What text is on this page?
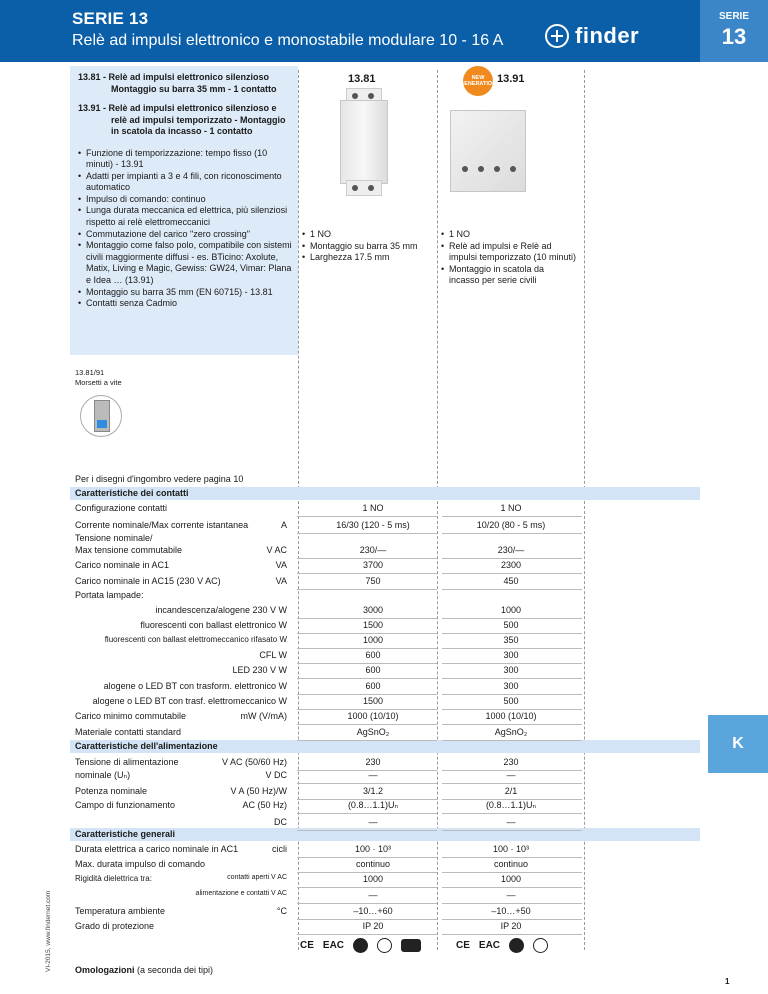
SERIE 13
Relè ad impulsi elettronico e monostabile modulare 10 - 16 A	finder
SERIE
13
13.81 - Relè ad impulsi elettronico silenzioso
Montaggio su barra 35 mm - 1 contatto
13.91 - Relè ad impulsi elettronico silenzioso e
relè ad impulsi temporizzato - Montaggio
in scatola da incasso - 1 contatto
• Funzione di temporizzazione: tempo fisso (10 minuti) - 13.91
• Adatti per impianti a 3 e 4 fili, con riconoscimento automatico
• Impulso di comando: continuo
• Lunga durata meccanica ed elettrica, più silenziosi rispetto ai relè elettromeccanici
• Commutazione del carico "zero crossing"
• Montaggio come falso polo, compatibile con sistemi civili maggiormente diffusi - es. BTicino: Axolute, Matix, Living e Magic, Gewiss: GW24, Vimar: Plana e Idea … (13.91)
• Montaggio su barra 35 mm (EN 60715) - 13.81
• Contatti senza Cadmio
13.81	NEW GENERATION 13.91
• 1 NO
• Montaggio su barra 35 mm
• Larghezza 17.5 mm
• 1 NO
• Relè ad impulsi e Relè ad impulsi temporizzato (10 minuti)
• Montaggio in scatola da incasso per serie civili
13.81/91
Morsetti a vite
Per i disegni d'ingombro vedere pagina 10
Caratteristiche dei contatti
Caratteristiche dell'alimentazione
Caratteristiche generali
Configurazione contatti	1 NO	1 NO
Corrente nominale/Max corrente istantanea	A	16/30 (120 - 5 ms)	10/20 (80 - 5 ms)
Tensione nominale/
Max tensione commutabile	V AC	230/—	230/—
Carico nominale in AC1	VA	3700	2300
Carico nominale in AC15 (230 V AC)	VA	750	450
Portata lampade:
incandescenza/alogene 230 V W	3000	1000
fluorescenti con ballast elettronico W	1500	500
fluorescenti con ballast elettromeccanico rifasato W	1000	350
CFL W	600	300
LED 230 V W	600	300
alogene o LED BT con trasform. elettronico W	600	300
alogene o LED BT con trasf. elettromeccanico W	1500	500
Carico minimo commutabile	mW (V/mA)	1000 (10/10)	1000 (10/10)
Materiale contatti standard	AgSnO₂	AgSnO₂
Tensione di alimentazione	V AC (50/60 Hz)	230	230
nominale (Uₙ)	V DC	—	—
Potenza nominale	V A (50 Hz)/W	3/1.2	2/1
Campo di funzionamento	AC (50 Hz)	(0.8…1.1)Uₙ	(0.8…1.1)Uₙ
DC	—	—
Durata elettrica a carico nominale in AC1	cicli	100 · 10³	100 · 10³
Max. durata impulso di comando	continuo	continuo
Rigidità dielettrica tra:	contatti aperti V AC	1000	1000
alimentazione e contatti V AC	—	—
Temperatura ambiente	°C	–10…+60	–10…+50
Grado di protezione	IP 20	IP 20
Omologazioni (a seconda dei tipi)
CE EAC	CE EAC
K
VI-2015, www.findernet.com
1
